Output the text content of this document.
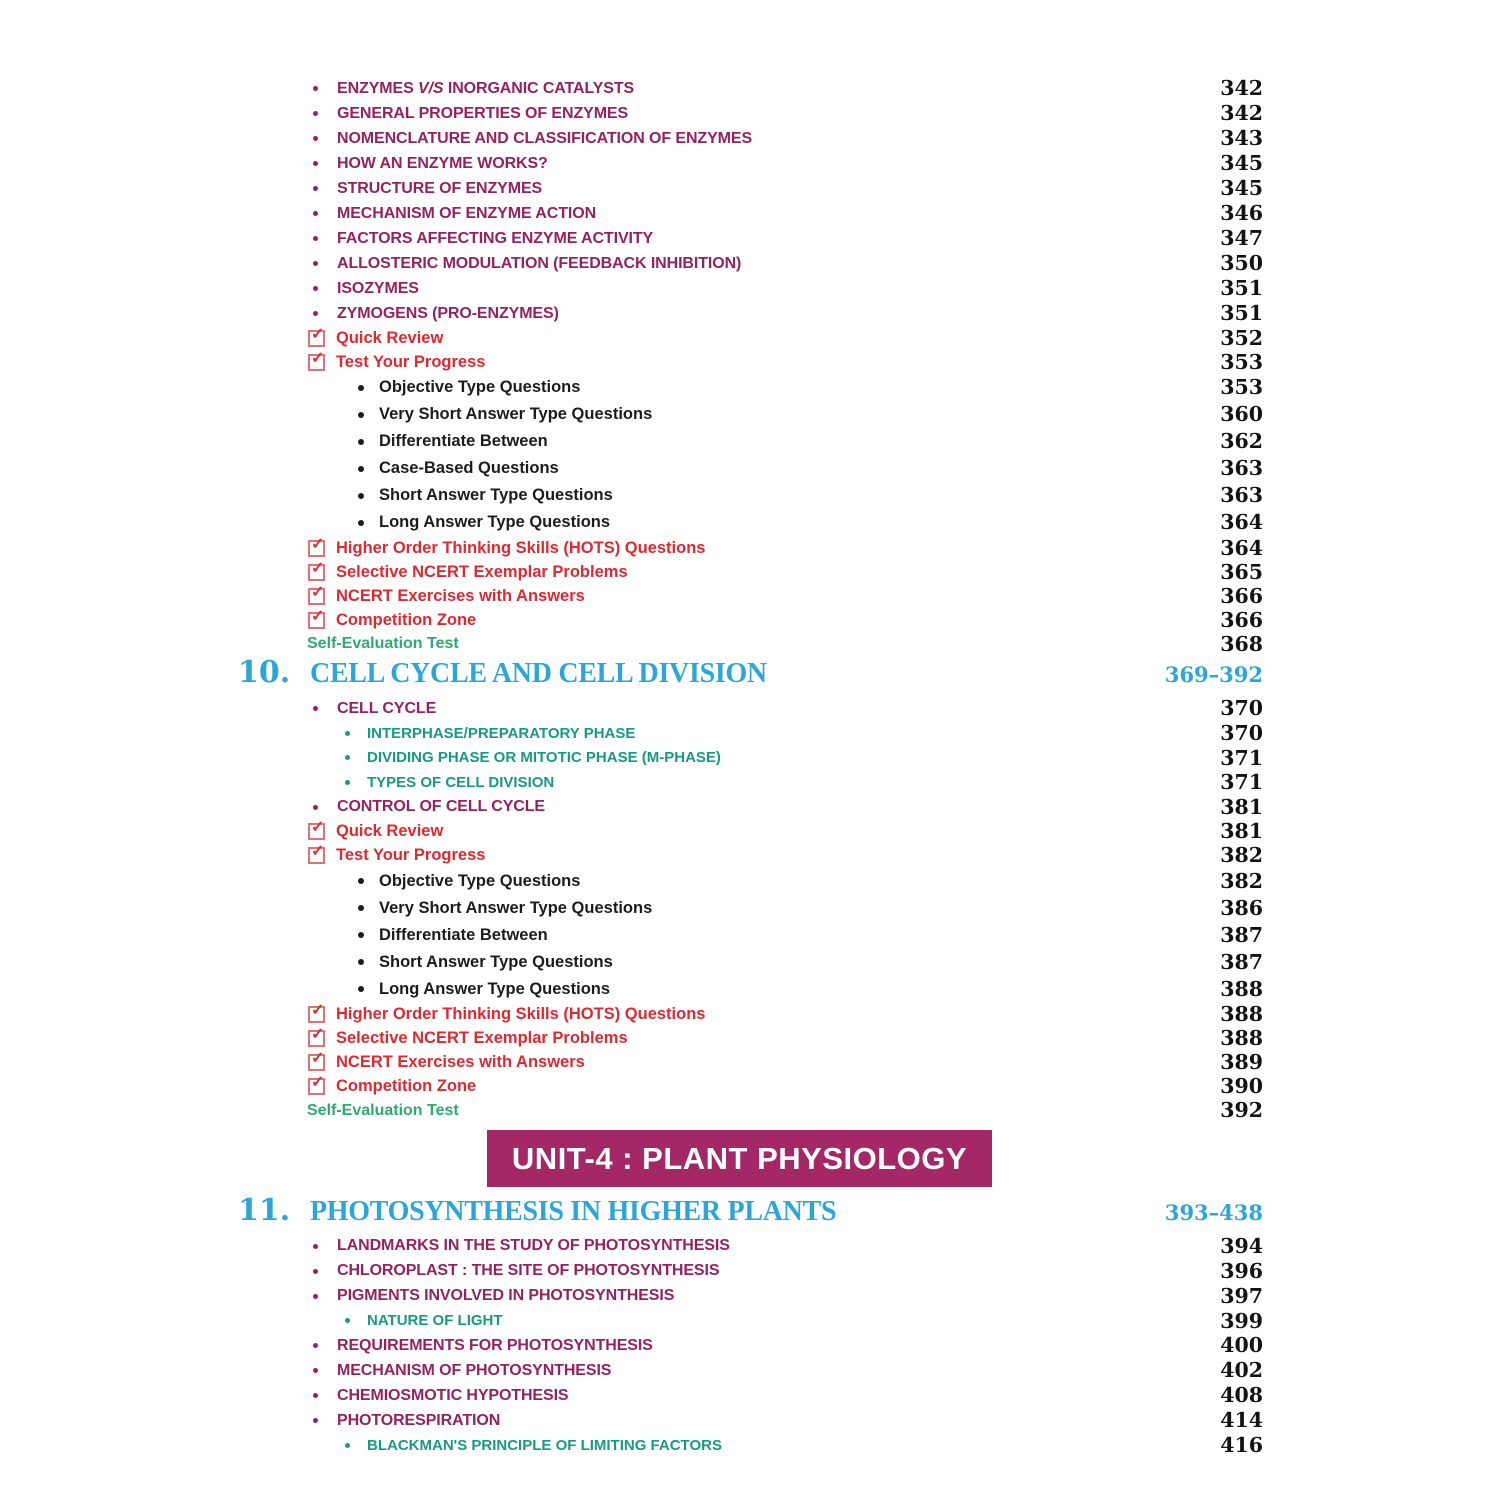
ENZYMES V/S INORGANIC CATALYSTS	342
GENERAL PROPERTIES OF ENZYMES	342
NOMENCLATURE AND CLASSIFICATION OF ENZYMES	343
HOW AN ENZYME WORKS?	345
STRUCTURE OF ENZYMES	345
MECHANISM OF ENZYME ACTION	346
FACTORS AFFECTING ENZYME ACTIVITY	347
ALLOSTERIC MODULATION (FEEDBACK INHIBITION)	350
ISOZYMES	351
ZYMOGENS (PRO-ENZYMES)	351
✓ Quick Review	352
✓ Test Your Progress	353
Objective Type Questions	353
Very Short Answer Type Questions	360
Differentiate Between	362
Case-Based Questions	363
Short Answer Type Questions	363
Long Answer Type Questions	364
✓ Higher Order Thinking Skills (HOTS) Questions	364
✓ Selective NCERT Exemplar Problems	365
✓ NCERT Exercises with Answers	366
✓ Competition Zone	366
Self-Evaluation Test	368
10. CELL CYCLE AND CELL DIVISION	369–392
CELL CYCLE	370
INTERPHASE/PREPARATORY PHASE	370
DIVIDING PHASE OR MITOTIC PHASE (M-PHASE)	371
TYPES OF CELL DIVISION	371
CONTROL OF CELL CYCLE	381
✓ Quick Review	381
✓ Test Your Progress	382
Objective Type Questions	382
Very Short Answer Type Questions	386
Differentiate Between	387
Short Answer Type Questions	387
Long Answer Type Questions	388
✓ Higher Order Thinking Skills (HOTS) Questions	388
✓ Selective NCERT Exemplar Problems	388
✓ NCERT Exercises with Answers	389
✓ Competition Zone	390
Self-Evaluation Test	392
UNIT-4 : PLANT PHYSIOLOGY
11. PHOTOSYNTHESIS IN HIGHER PLANTS	393–438
LANDMARKS IN THE STUDY OF PHOTOSYNTHESIS	394
CHLOROPLAST : THE SITE OF PHOTOSYNTHESIS	396
PIGMENTS INVOLVED IN PHOTOSYNTHESIS	397
NATURE OF LIGHT	399
REQUIREMENTS FOR PHOTOSYNTHESIS	400
MECHANISM OF PHOTOSYNTHESIS	402
CHEMIOSMOTIC HYPOTHESIS	408
PHOTORESPIRATION	414
BLACKMAN'S PRINCIPLE OF LIMITING FACTORS	416
